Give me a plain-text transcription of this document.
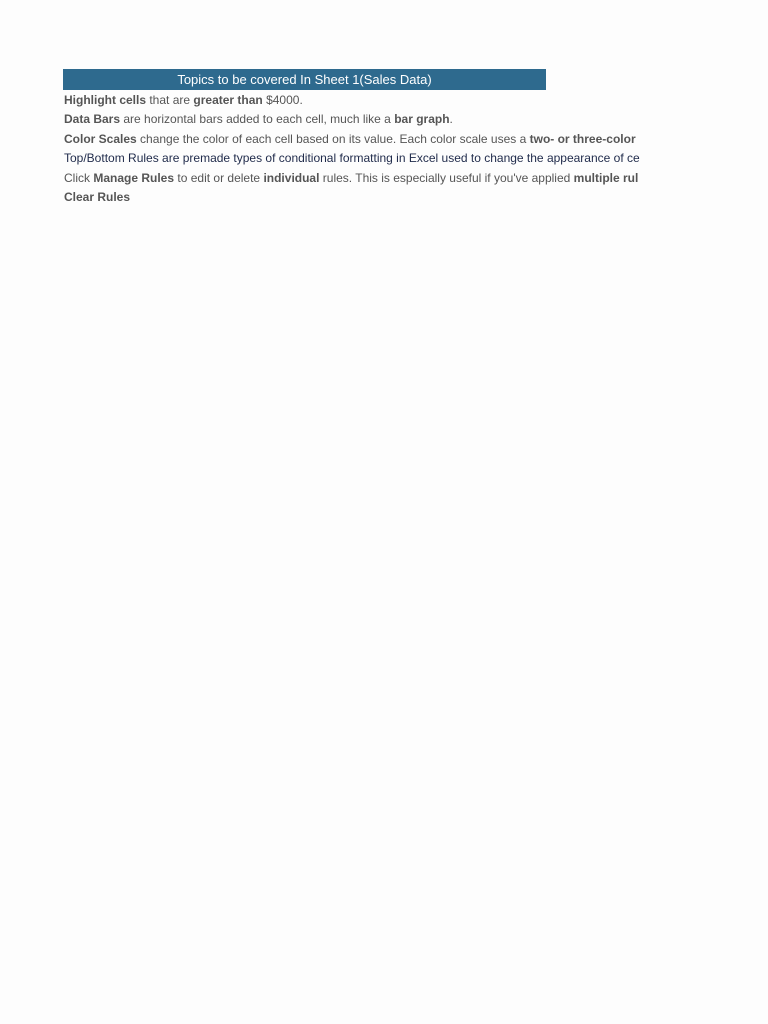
Topics to be covered In Sheet 1(Sales Data)
Highlight cells that are greater than $4000.
Data Bars are horizontal bars added to each cell, much like a bar graph.
Color Scales change the color of each cell based on its value. Each color scale uses a two- or three-color
Top/Bottom Rules are premade types of conditional formatting in Excel used to change the appearance of ce
Click Manage Rules to edit or delete individual rules. This is especially useful if you've applied multiple rul
Clear Rules
